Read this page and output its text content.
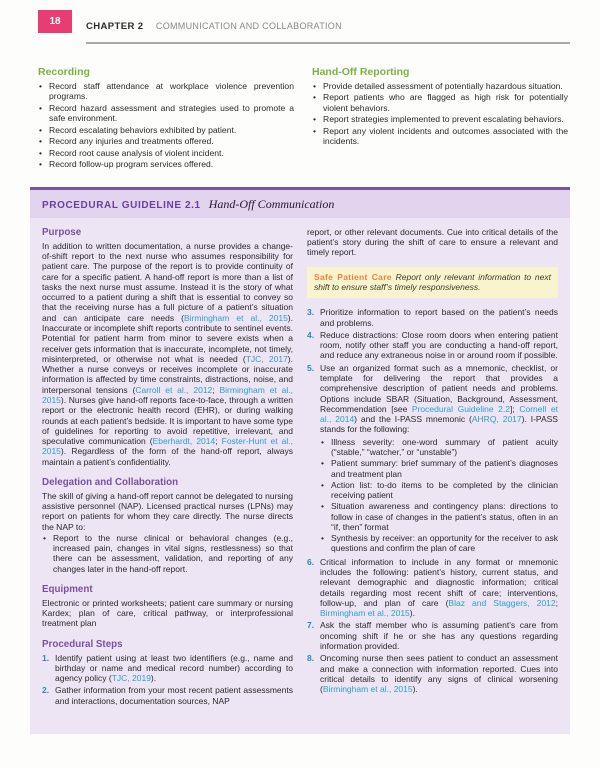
18	CHAPTER 2 COMMUNICATION AND COLLABORATION
Recording
• Record staff attendance at workplace violence prevention programs.
• Record hazard assessment and strategies used to promote a safe environment.
• Record escalating behaviors exhibited by patient.
• Record any injuries and treatments offered.
• Record root cause analysis of violent incident.
• Record follow-up program services offered.
Hand-Off Reporting
• Provide detailed assessment of potentially hazardous situation.
• Report patients who are flagged as high risk for potentially violent behaviors.
• Report strategies implemented to prevent escalating behaviors.
• Report any violent incidents and outcomes associated with the incidents.
PROCEDURAL GUIDELINE 2.1 Hand-Off Communication
Purpose

In addition to written documentation, a nurse provides a change-of-shift report to the next nurse who assumes responsibility for patient care. The purpose of the report is to provide continuity of care for a specific patient. A hand-off report is more than a list of tasks the next nurse must assume. Instead it is the story of what occurred to a patient during a shift that is essential to convey so that the receiving nurse has a full picture of a patient’s situation and can anticipate care needs (Birmingham et al., 2015). Inaccurate or incomplete shift reports contribute to sentinel events. Potential for patient harm from minor to severe exists when a receiver gets information that is inaccurate, incomplete, not timely, misinterpreted, or otherwise not what is needed (TJC, 2017). Whether a nurse conveys or receives incomplete or inaccurate information is affected by time constraints, distractions, noise, and interpersonal tensions (Carroll et al., 2012; Birmingham et al., 2015). Nurses give hand-off reports face-to-face, through a written report or the electronic health record (EHR), or during walking rounds at each patient’s bedside. It is important to have some type of guidelines for reporting to avoid repetitive, irrelevant, and speculative communication (Eberhardt, 2014; Foster-Hunt et al., 2015). Regardless of the form of the hand-off report, always maintain a patient’s confidentiality.

Delegation and Collaboration

The skill of giving a hand-off report cannot be delegated to nursing assistive personnel (NAP). Licensed practical nurses (LPNs) may report on patients for whom they care directly. The nurse directs the NAP to:

• Report to the nurse clinical or behavioral changes (e.g., increased pain, changes in vital signs, restlessness) so that there can be assessment, validation, and reporting of any changes later in the hand-off report.
Equipment

Electronic or printed worksheets; patient care summary or nursing Kardex; plan of care, critical pathway, or interprofessional treatment plan

Procedural Steps
1. Identify patient using at least two identifiers (e.g., name and birthday or name and medical record number) according to agency policy (TJC, 2019).
2. Gather information from your most recent patient assessments and interactions, documentation sources, NAP

report, or other relevant documents. Cue into critical details of the patient’s story during the shift of care to ensure a relevant and timely report.

Safe Patient Care Report only relevant information to next shift to ensure staff’s timely responsiveness.
3. Prioritize information to report based on the patient’s needs and problems.
4. Reduce distractions: Close room doors when entering patient room, notify other staff you are conducting a hand-off report, and reduce any extraneous noise in or around room if possible.
5. Use an organized format such as a mnemonic, checklist, or template for delivering the report that provides a comprehensive description of patient needs and problems. Options include SBAR (Situation, Background, Assessment, Recommendation [see Procedural Guideline 2.2]; Cornell et al., 2014) and the I-PASS mnemonic (AHRQ, 2017). I-PASS stands for the following:
• Illness severity: one-word summary of patient acuity (“stable,” “watcher,” or “unstable”)
• Patient summary: brief summary of the patient’s diagnoses and treatment plan
• Action list: to-do items to be completed by the clinician receiving patient
• Situation awareness and contingency plans: directions to follow in case of changes in the patient’s status, often in an “if, then” format
• Synthesis by receiver: an opportunity for the receiver to ask questions and confirm the plan of care
6. Critical information to include in any format or mnemonic includes the following: patient’s history, current status, and relevant demographic and diagnostic information; critical details regarding most recent shift of care; interventions, follow-up, and plan of care (Blaz and Staggers, 2012; Birmingham et al., 2015).
7. Ask the staff member who is assuming patient’s care from oncoming shift if he or she has any questions regarding information provided.
8. Oncoming nurse then sees patient to conduct an assessment and make a connection with information reported. Cues into critical details to identify any signs of clinical worsening (Birmingham et al., 2015).
